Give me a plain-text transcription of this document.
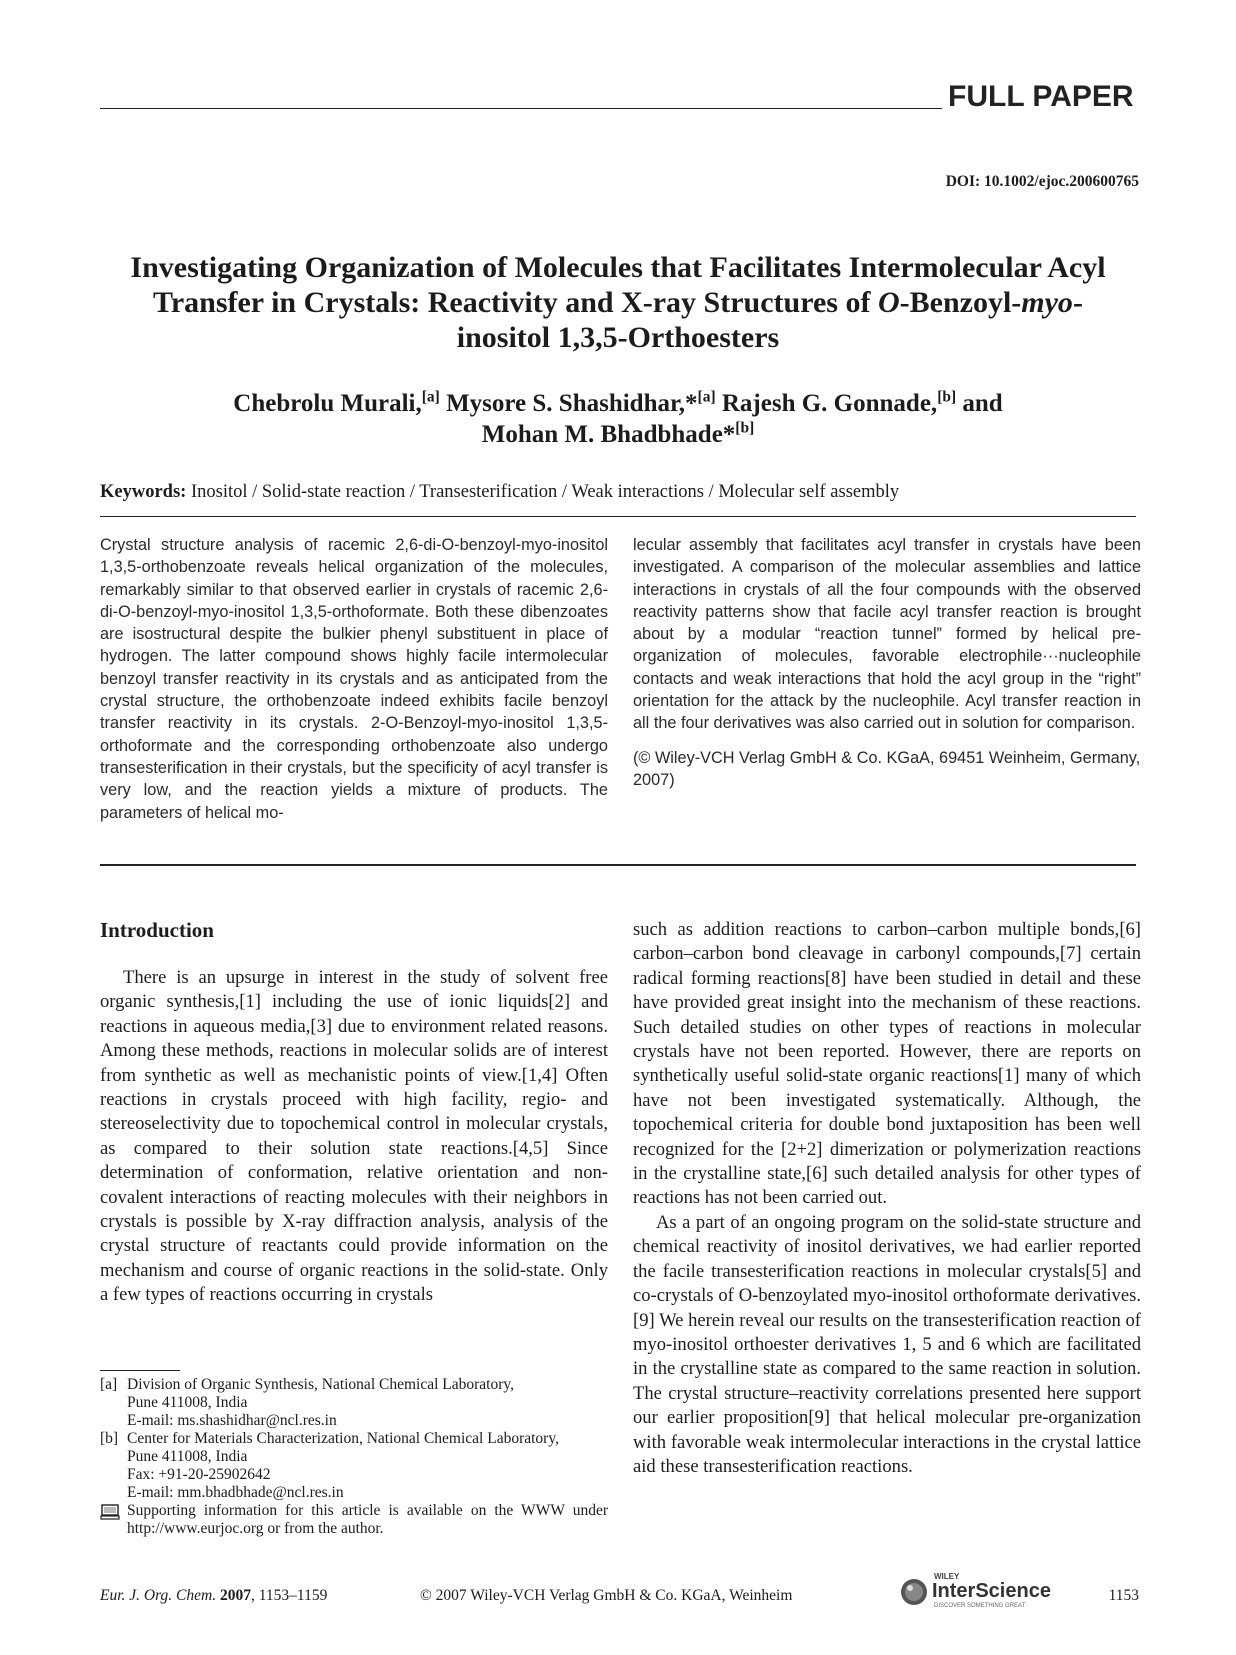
FULL PAPER
DOI: 10.1002/ejoc.200600765
Investigating Organization of Molecules that Facilitates Intermolecular Acyl
Transfer in Crystals: Reactivity and X-ray Structures of O-Benzoyl-myo-
inositol 1,3,5-Orthoesters
Chebrolu Murali,[a] Mysore S. Shashidhar,*[a] Rajesh G. Gonnade,[b] and
Mohan M. Bhadbhade*[b]
Keywords: Inositol / Solid-state reaction / Transesterification / Weak interactions / Molecular self assembly
Crystal structure analysis of racemic 2,6-di-O-benzoyl-myo-inositol 1,3,5-orthobenzoate reveals helical organization of the molecules, remarkably similar to that observed earlier in crystals of racemic 2,6-di-O-benzoyl-myo-inositol 1,3,5-orthoformate. Both these dibenzoates are isostructural despite the bulkier phenyl substituent in place of hydrogen. The latter compound shows highly facile intermolecular benzoyl transfer reactivity in its crystals and as anticipated from the crystal structure, the orthobenzoate indeed exhibits facile benzoyl transfer reactivity in its crystals. 2-O-Benzoyl-myo-inositol 1,3,5-orthoformate and the corresponding orthobenzoate also undergo transesterification in their crystals, but the specificity of acyl transfer is very low, and the reaction yields a mixture of products. The parameters of helical mo-
lecular assembly that facilitates acyl transfer in crystals have been investigated. A comparison of the molecular assemblies and lattice interactions in crystals of all the four compounds with the observed reactivity patterns show that facile acyl transfer reaction is brought about by a modular “reaction tunnel” formed by helical pre-organization of molecules, favorable electrophile···nucleophile contacts and weak interactions that hold the acyl group in the “right” orientation for the attack by the nucleophile. Acyl transfer reaction in all the four derivatives was also carried out in solution for comparison.
(© Wiley-VCH Verlag GmbH & Co. KGaA, 69451 Weinheim, Germany, 2007)
Introduction

There is an upsurge in interest in the study of solvent free organic synthesis,[1] including the use of ionic liquids[2] and reactions in aqueous media,[3] due to environment related reasons. Among these methods, reactions in molecular solids are of interest from synthetic as well as mechanistic points of view.[1,4] Often reactions in crystals proceed with high facility, regio- and stereoselectivity due to topochemical control in molecular crystals, as compared to their solution state reactions.[4,5] Since determination of conformation, relative orientation and non-covalent interactions of reacting molecules with their neighbors in crystals is possible by X-ray diffraction analysis, analysis of the crystal structure of reactants could provide information on the mechanism and course of organic reactions in the solid-state. Only a few types of reactions occurring in crystals

such as addition reactions to carbon–carbon multiple bonds,[6] carbon–carbon bond cleavage in carbonyl compounds,[7] certain radical forming reactions[8] have been studied in detail and these have provided great insight into the mechanism of these reactions. Such detailed studies on other types of reactions in molecular crystals have not been reported. However, there are reports on synthetically useful solid-state organic reactions[1] many of which have not been investigated systematically. Although, the topochemical criteria for double bond juxtaposition has been well recognized for the [2+2] dimerization or polymerization reactions in the crystalline state,[6] such detailed analysis for other types of reactions has not been carried out.

As a part of an ongoing program on the solid-state structure and chemical reactivity of inositol derivatives, we had earlier reported the facile transesterification reactions in molecular crystals[5] and co-crystals of O-benzoylated myo-inositol orthoformate derivatives.[9] We herein reveal our results on the transesterification reaction of myo-inositol orthoester derivatives 1, 5 and 6 which are facilitated in the crystalline state as compared to the same reaction in solution. The crystal structure–reactivity correlations presented here support our earlier proposition[9] that helical molecular pre-organization with favorable weak intermolecular interactions in the crystal lattice aid these transesterification reactions.

[a] Division of Organic Synthesis, National Chemical Laboratory,
Pune 411008, India
E-mail: ms.shashidhar@ncl.res.in
[b] Center for Materials Characterization, National Chemical Laboratory,
Pune 411008, India
Fax: +91-20-25902642
E-mail: mm.bhadbhade@ncl.res.in
Supporting information for this article is available on the WWW under http://www.eurjoc.org or from the author.
Eur. J. Org. Chem. 2007, 1153–1159	© 2007 Wiley-VCH Verlag GmbH & Co. KGaA, Weinheim
WILEY
InterScience
DISCOVER SOMETHING GREAT
1153
